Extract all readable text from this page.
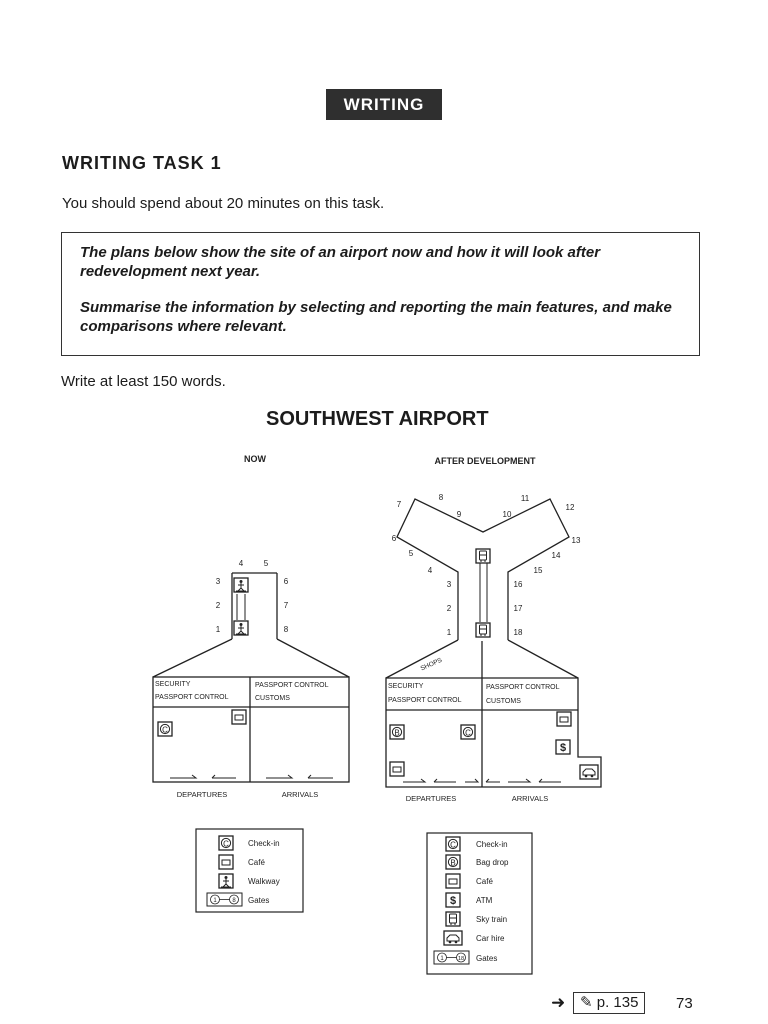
WRITING
WRITING TASK 1
You should spend about 20 minutes on this task.

The plans below show the site of an airport now and how it will look after redevelopment next year.

Summarise the information by selecting and reporting the main features, and make comparisons where relevant.

Write at least 150 words.
SOUTHWEST AIRPORT
NOW
1
2
3
4	5
6
7
8
SECURITY
PASSPORT CONTROL
PASSPORT CONTROL
CUSTOMS
C
DEPARTURES	ARRIVALS
C Check-in
Café
Walkway
1	8 Gates
AFTER DEVELOPMENT
1
2
3
4
5
6
7
8
9	10
11
12
13
14
15
16
17
18
SHOPS
SECURITY
PASSPORT CONTROL
PASSPORT CONTROL
CUSTOMS
B	C
$
DEPARTURES	ARRIVALS
C	Check-in
B	Bag drop
Café
$ ATM
Sky train
Car hire
1	18 Gates
➜ ✎ p. 135	73
